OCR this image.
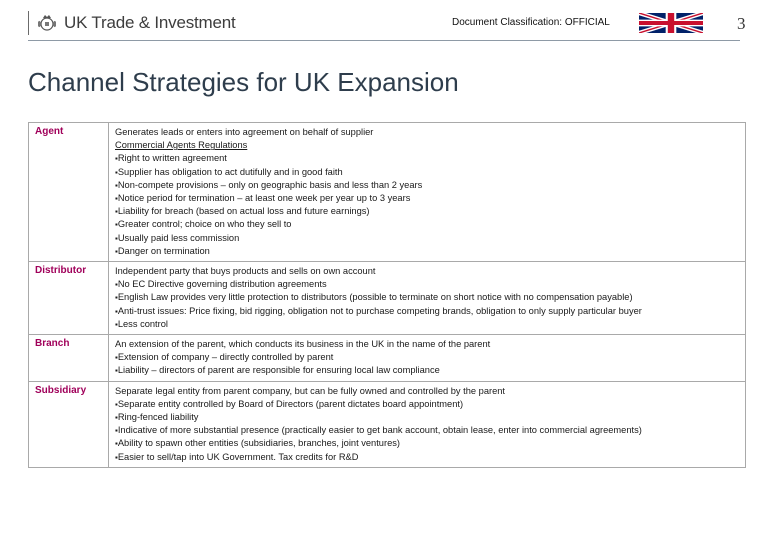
UK Trade & Investment	Document Classification: OFFICIAL	3
Channel Strategies for UK Expansion
Agent	Generates leads or enters into agreement on behalf of supplier
Commercial Agents Regulations
▪ Right to written agreement
▪ Supplier has obligation to act dutifully and in good faith
▪ Non-compete provisions – only on geographic basis and less than 2 years
▪ Notice period for termination – at least one week per year up to 3 years
▪ Liability for breach (based on actual loss and future earnings)
▪ Greater control; choice on who they sell to
▪ Usually paid less commission
▪ Danger on termination
Distributor	Independent party that buys products and sells on own account
▪ No EC Directive governing distribution agreements
▪ English Law provides very little protection to distributors (possible to terminate on short notice with no compensation payable)
▪ Anti-trust issues: Price fixing, bid rigging, obligation not to purchase competing brands, obligation to only supply particular buyer
▪ Less control
Branch	An extension of the parent, which conducts its business in the UK in the name of the parent
▪ Extension of company – directly controlled by parent
▪ Liability – directors of parent are responsible for ensuring local law compliance
Subsidiary	Separate legal entity from parent company, but can be fully owned and controlled by the parent
▪ Separate entity controlled by Board of Directors (parent dictates board appointment)
▪ Ring-fenced liability
▪ Indicative of more substantial presence (practically easier to get bank account, obtain lease, enter into commercial agreements)
▪ Ability to spawn other entities (subsidiaries, branches, joint ventures)
▪ Easier to sell/tap into UK Government. Tax credits for R&D
